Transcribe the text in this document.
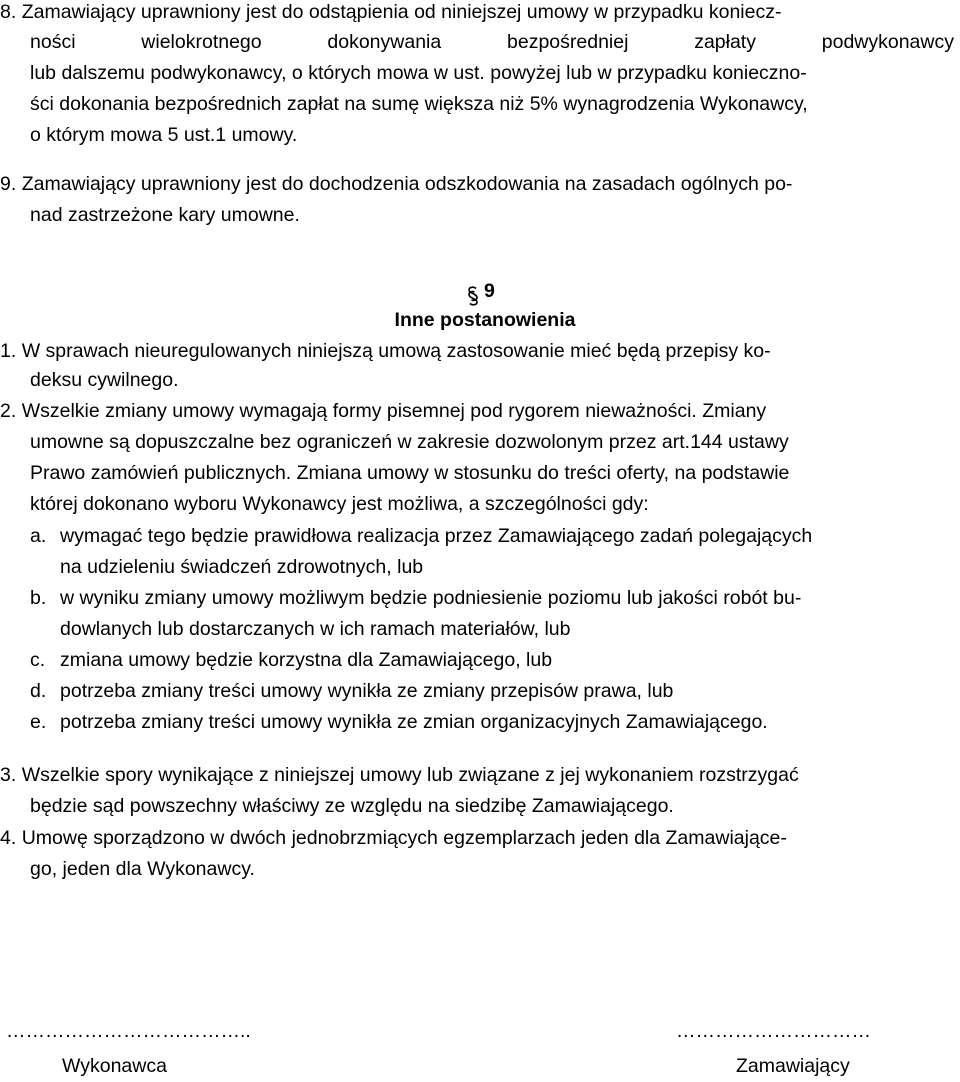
8. Zamawiający uprawniony jest do odstąpienia od niniejszej umowy w przypadku koniecz-
ności	wielokrotnego	dokonywania	bezpośredniej	zapłaty	podwykonawcy
lub dalszemu podwykonawcy, o których mowa w ust. powyżej lub w przypadku konieczno-
ści dokonania bezpośrednich zapłat na sumę większa niż 5% wynagrodzenia Wykonawcy,
o którym mowa 5 ust.1 umowy.
9. Zamawiający uprawniony jest do dochodzenia odszkodowania na zasadach ogólnych po-
nad zastrzeżone kary umowne.
9
Inne postanowienia
1. W sprawach nieuregulowanych niniejszą umową zastosowanie mieć będą przepisy ko-
deksu cywilnego.
2. Wszelkie zmiany umowy wymagają formy pisemnej pod rygorem nieważności. Zmiany
umowne są dopuszczalne bez ograniczeń w zakresie dozwolonym przez art.144 ustawy
Prawo zamówień publicznych. Zmiana umowy w stosunku do treści oferty, na podstawie
której dokonano wyboru Wykonawcy jest możliwa, a szczególności gdy:
a. wymagać tego będzie prawidłowa realizacja przez Zamawiającego zadań polegających
na udzieleniu świadczeń zdrowotnych, lub
b. w wyniku zmiany umowy możliwym będzie podniesienie poziomu lub jakości robót bu-
dowlanych lub dostarczanych w ich ramach materiałów, lub
c. zmiana umowy będzie korzystna dla Zamawiającego, lub
d. potrzeba zmiany treści umowy wynikła ze zmiany przepisów prawa, lub
e. potrzeba zmiany treści umowy wynikła ze zmian organizacyjnych Zamawiającego.
3. Wszelkie spory wynikające z niniejszej umowy lub związane z jej wykonaniem rozstrzygać
będzie sąd powszechny właściwy ze względu na siedzibę Zamawiającego.
4. Umowę sporządzono w dwóch jednobrzmiących egzemplarzach jeden dla Zamawiające-
go, jeden dla Wykonawcy.
………………………………..	…………………………
Wykonawca	Zamawiający
